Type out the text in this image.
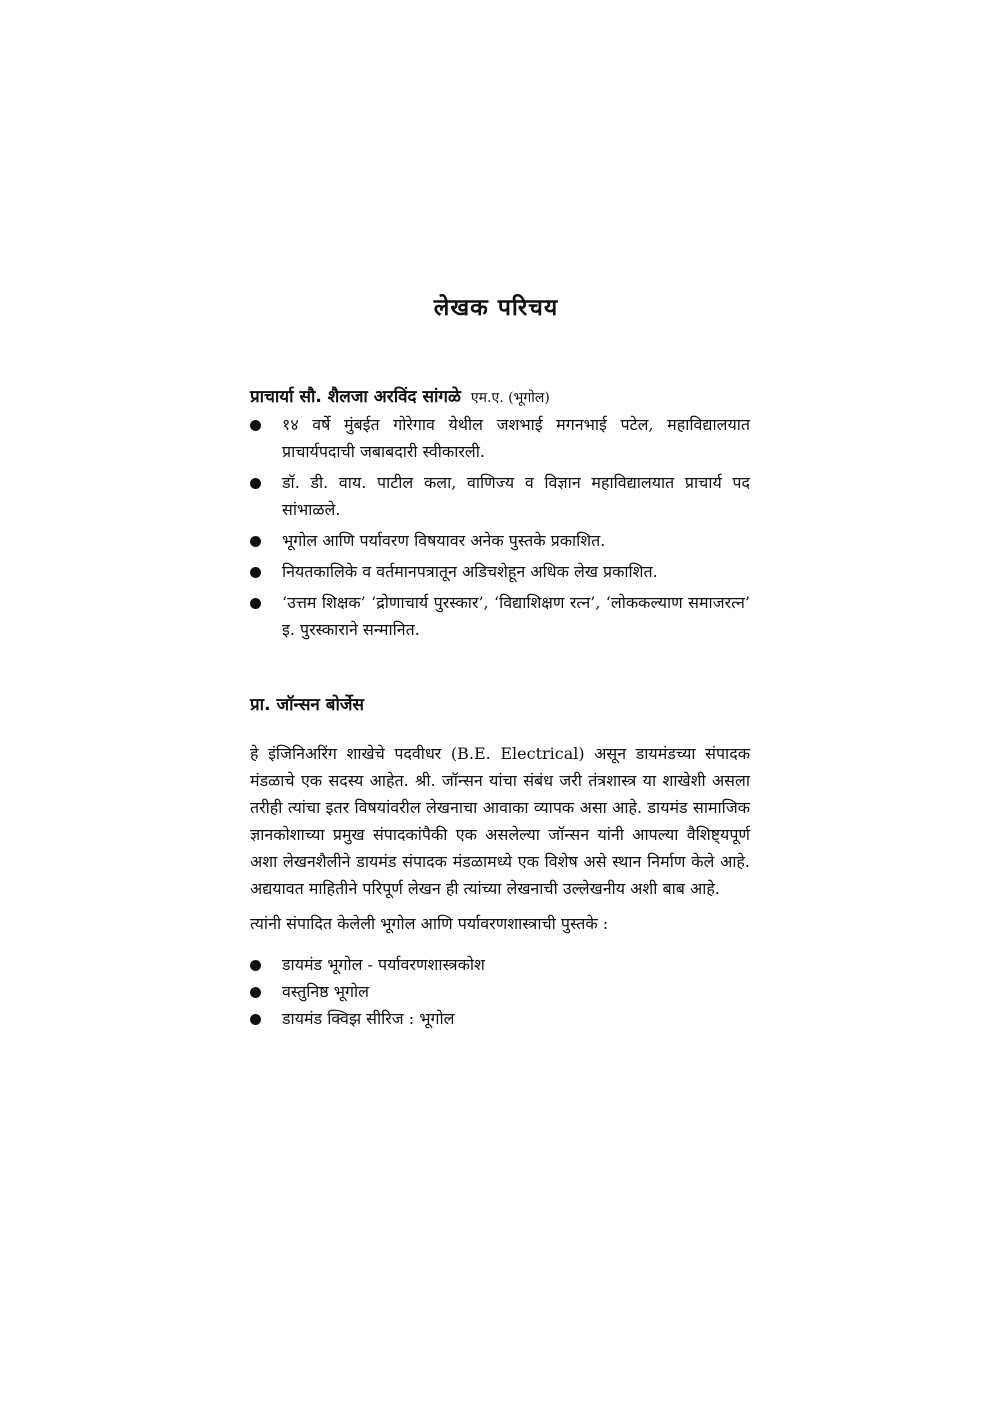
लेखक परिचय
प्राचार्या सौ. शैलजा अरविंद सांगळे एम.ए. (भूगोल)
१४ वर्षे मुंबईत गोरेगाव येथील जशभाई मगनभाई पटेल, महाविद्यालयात प्राचार्यपदाची जबाबदारी स्वीकारली.
डॉ. डी. वाय. पाटील कला, वाणिज्य व विज्ञान महाविद्यालयात प्राचार्य पद सांभाळले.
भूगोल आणि पर्यावरण विषयावर अनेक पुस्तके प्रकाशित.
नियतकालिके व वर्तमानपत्रातून अडिचशेहून अधिक लेख प्रकाशित.
‘उत्तम शिक्षक’ ‘द्रोणाचार्य पुरस्कार’, ‘विद्याशिक्षण रत्न’, ‘लोककल्याण समाजरत्न’ इ. पुरस्काराने सन्मानित.
प्रा. जॉन्सन बोर्जेस

हे इंजिनिअरिंग शाखेचे पदवीधर (B.E. Electrical) असून डायमंडच्या संपादक मंडळाचे एक सदस्य आहेत. श्री. जॉन्सन यांचा संबंध जरी तंत्रशास्त्र या शाखेशी असला तरीही त्यांचा इतर विषयांवरील लेखनाचा आवाका व्यापक असा आहे. डायमंड सामाजिक ज्ञानकोशाच्या प्रमुख संपादकांपैकी एक असलेल्या जॉन्सन यांनी आपल्या वैशिष्ट्यपूर्ण अशा लेखनशैलीने डायमंड संपादक मंडळामध्ये एक विशेष असे स्थान निर्माण केले आहे. अद्ययावत माहितीने परिपूर्ण लेखन ही त्यांच्या लेखनाची उल्लेखनीय अशी बाब आहे.

त्यांनी संपादित केलेली भूगोल आणि पर्यावरणशास्त्राची पुस्तके :

डायमंड भूगोल - पर्यावरणशास्त्रकोश
वस्तुनिष्ठ भूगोल
डायमंड क्विझ सीरिज : भूगोल
